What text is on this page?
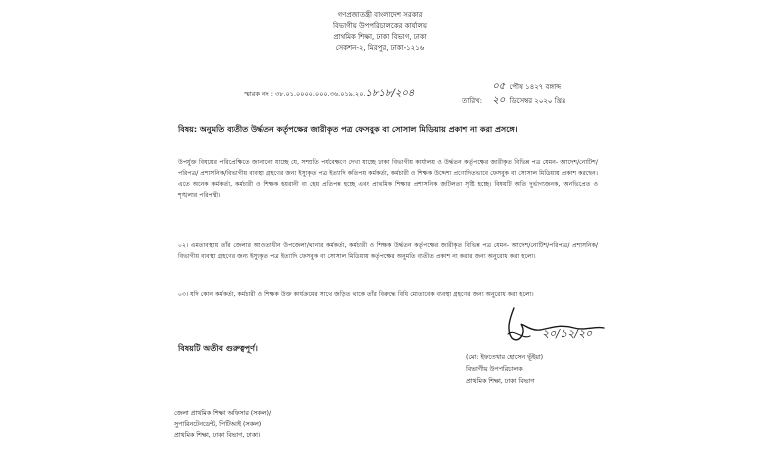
গণপ্রজাতন্ত্রী বাংলাদেশ সরকার
বিভাগীয় উপপরিচালকের কার্যালয়
প্রাথমিক শিক্ষা, ঢাকা বিভাগ, ঢাকা
সেকশন-২, মিরপুর, ঢাকা-১২১৬
স্মারক নং : ৩৮.০১.০০০০.০০০.৩৬.০১৯.২০.১৮১৮/২০৪
০৫ পৌষ ১৪২৭ বঙ্গাব্দ
তারিখ: ২০ ডিসেম্বর ২০২০ খ্রিঃ
বিষয়: অনুমতি ব্যতীত উর্দ্ধতন কর্তৃপক্ষের জারীকৃত পত্র ফেসবুক বা সোসাল মিডিয়ায় প্রকাশ না করা প্রসঙ্গে।
উপর্যুক্ত বিষয়ের পরিপ্রেক্ষিতে জানানো যাচ্ছে যে, সম্প্রতি পর্যবেক্ষণে দেখা যাচ্ছে ঢাকা বিভাগীয় কার্যালয় ও উর্দ্ধতন কর্তৃপক্ষের জারীকৃত বিভিন্ন পত্র যেমন- আদেশ/নোটিশ/পরিপত্র/ প্রশাসনিক/বিভাগীয় ব্যবস্থা গ্রহণের জন্য ইস্যুকৃত পত্র ইত্যাদি কতিপয় কর্মকর্তা, কর্মচারী ও শিক্ষক উদ্দেশ্য প্রণোদিতভাবে ফেসবুক বা সোসাল মিডিয়ায় প্রকাশ করছেন। এতে অনেক কর্মকর্তা, কর্মচারী ও শিক্ষক হয়রানী বা হেয় প্রতিপন্ন হচ্ছে এবং প্রাথমিক শিক্ষার প্রশাসনিক জটিলতা সৃষ্টি হচ্ছে। বিষয়টি অতি দুর্ভাগ্যজনক, অনভিপ্রেত ও শৃঙ্খলার পরিপন্থী।
০২। এমতাবস্থায় তাঁর জেলার আওতাধীন উপজেলা/থানার কর্মকর্তা, কর্মচারী ও শিক্ষক উর্দ্ধতন কর্তৃপক্ষের জারীকৃত বিভিন্ন পত্র যেমন- আদেশ/নোটিশ/পরিপত্র/ প্রশাসনিক/বিভাগীয় ব্যবস্থা গ্রহণের জন্য ইস্যুকৃত পত্র ইত্যাদি ফেসবুক বা সোসাল মিডিয়ায় কর্তৃপক্ষের অনুমতি ব্যতীত প্রকাশ না করার জন্য অনুরোধ করা হলো।
০৩। যদি কোন কর্মকর্তা, কর্মচারী ও শিক্ষক উক্ত কার্যক্রমের সাথে জড়িত থাকে তাঁর বিরুদ্ধে বিধি মোতাবেক ব্যবস্থা গ্রহণের জন্য অনুরোধ করা হলো।
বিষয়টি অতীব গুরুত্বপূর্ণ।
২০/১২/২০
(মো: ইফতেখার হোসেন ভূঁইয়া)
বিভাগীয় উপপরিচালক
প্রাথমিক শিক্ষা, ঢাকা বিভাগ
জেলা প্রাথমিক শিক্ষা অফিসার (সকল)/
সুপারিনটেনডেন্ট, পিটিআই (সকল)
প্রাথমিক শিক্ষা, ঢাকা বিভাগ, ঢাকা।
